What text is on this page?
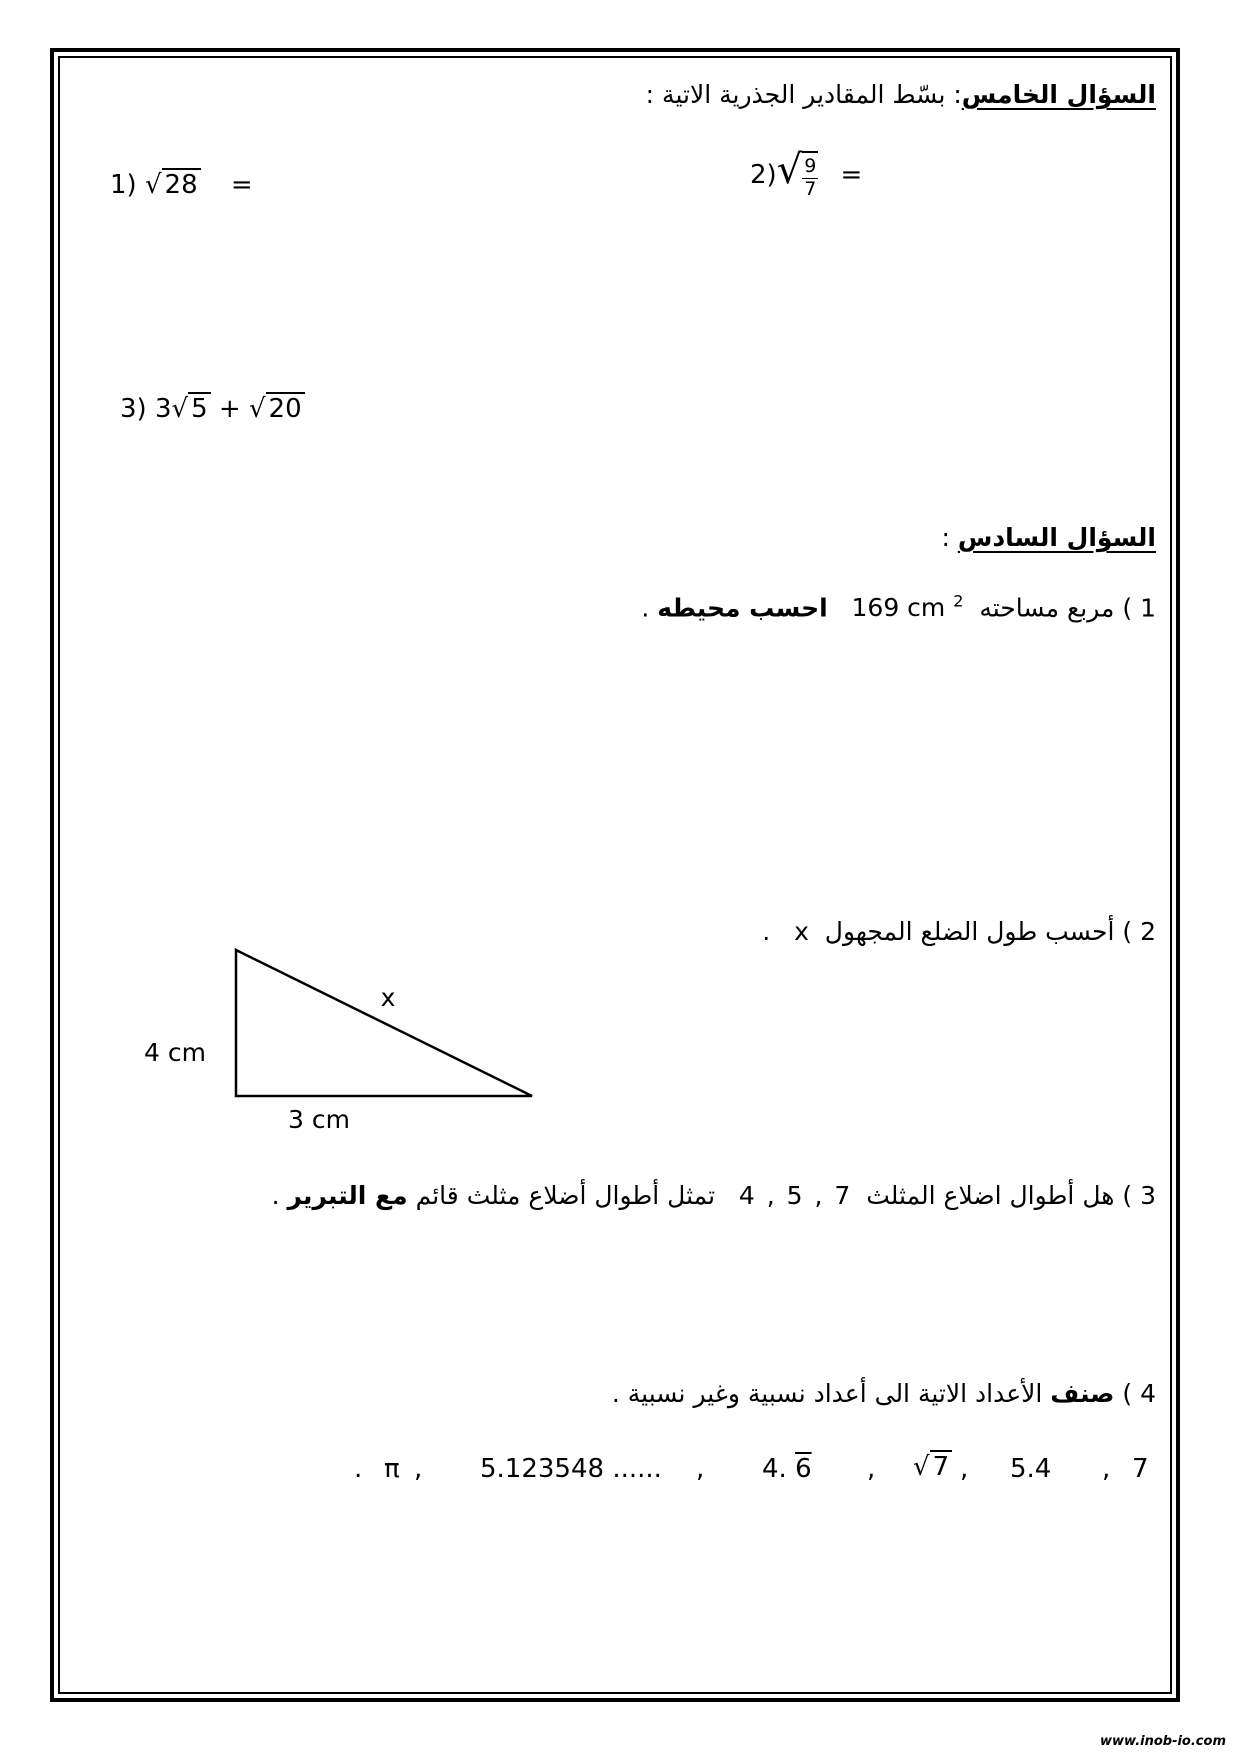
السؤال الخامس: بسّط المقادير الجذرية الاتية :
1) √ 28 =	$2)√ \frac{9}{7}$ =
3) 3√ 5 + √ 20
السؤال السادس :
1 ) مربع مساحته  169 cm $^2$   احسب محيطه .
2 ) أحسب طول الضلع المجهول  x   .
x
4 cm
3 cm
3 ) هل أطوال اضلاع المثلث  4 , 5 , 7   تمثل أطوال أضلاع مثلث قائم مع التبرير .
4 ) صنف الأعداد الاتية الى أعداد نسبية وغير نسبية .
. π , 5.123548 ...... , 4. 6 , √ 7 , 5.4 , 7
www.inob-io.com
